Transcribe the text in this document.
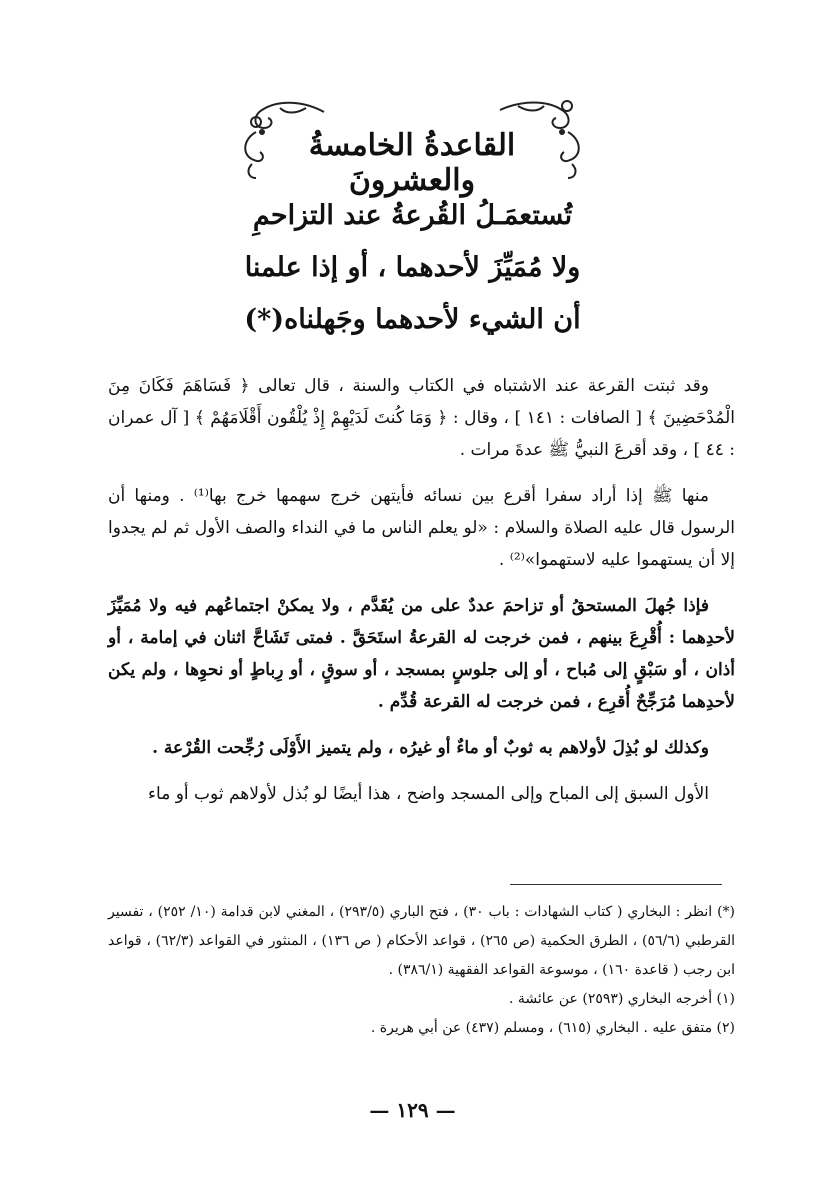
القاعدةُ الخامسةُ والعشرونَ
تُستعمَـلُ القُرعةُ عند التزاحمِ
ولا مُمَيِّزَ لأحدهما ، أو إذا علمنا
أن الشيء لأحدهما وجَهلناه(*)

وقد ثبتت القرعة عند الاشتباه في الكتاب والسنة ، قال تعالى ﴿ فَسَاهَمَ فَكَانَ مِنَ الْمُدْحَضِينَ ﴾ [ الصافات : ١٤١ ] ، وقال : ﴿ وَمَا كُنتَ لَدَيْهِمْ إِذْ يُلْقُون أَقْلَامَهُمْ ﴾ [ آل عمران : ٤٤ ] ، وقد أقرعَ النبيُّ ﷺ عدةَ مرات .

منها ﷺ إذا أراد سفرا أقرع بين نسائه فأيتهن خرج سهمها خرج بها⁽¹⁾ . ومنها أن الرسول قال عليه الصلاة والسلام : «لو يعلم الناس ما في النداء والصف الأول ثم لم يجدوا إلا أن يستهموا عليه لاستهموا»⁽²⁾ .

فإذا جُهلَ المستحقُ أو تزاحمَ عددٌ على من يُقَدَّم ، ولا يمكنْ اجتماعُهم فيه ولا مُمَيِّزَ لأحدِهما : أُقْرِعَ بينهم ، فمن خرجت له القرعةُ استَحَقَّ . فمتى تَشَاحَّ اثنان في إمامة ، أو أذان ، أو سَبْقٍ إلى مُباح ، أو إلى جلوسٍ بمسجد ، أو سوقٍ ، أو رِباطٍ أو نحوِها ، ولم يكن لأحدِهما مُرَجِّحٌ أُقرِع ، فمن خرجت له القرعة قُدِّم .

وكذلك لو بُذِلَ لأولاهم به ثوبٌ أو ماءٌ أو غيرُه ، ولم يتميز الأَوْلَى رُجِّحت القُرْعة .

الأول السبق إلى المباح وإلى المسجد واضح ، هذا أيضًا لو بُذل لأولاهم ثوب أو ماء

(*) انظر : البخاري ( كتاب الشهادات : باب ٣٠) ، فتح الباري (٢٩٣/٥) ، المغني لابن قدامة (١٠/ ٢٥٢) ، تفسير القرطبي (٥٦/٦) ، الطرق الحكمية (ص ٢٦٥) ، قواعد الأحكام ( ص ١٣٦) ، المنثور في القواعد (٦٢/٣) ، قواعد ابن رجب ( قاعدة ١٦٠) ، موسوعة القواعد الفقهية (٣٨٦/١) .

(١) أخرجه البخاري (٢٥٩٣) عن عائشة .

(٢) متفق عليه . البخاري (٦١٥) ، ومسلم (٤٣٧) عن أبي هريرة .

— ١٢٩ —
